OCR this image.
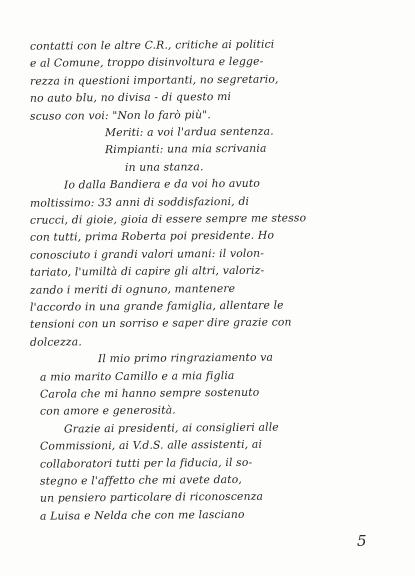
contatti con le altre C.R., critiche ai politici
e al Comune, troppo disinvoltura e legge-
rezza in questioni importanti, no segretario,
no auto blu, no divisa - di questo mi
scuso con voi: "Non lo farò più".
Meriti: a voi l'ardua sentenza.
Rimpianti: una mia scrivania
in una stanza.
Io dalla Bandiera e da voi ho avuto
moltissimo: 33 anni di soddisfazioni, di
crucci, di gioie, gioia di essere sempre me stesso
con tutti, prima Roberta poi presidente. Ho
conosciuto i grandi valori umani: il volon-
tariato, l'umiltà di capire gli altri, valoriz-
zando i meriti di ognuno, mantenere
l'accordo in una grande famiglia, allentare le
tensioni con un sorriso e saper dire grazie con
dolcezza.
Il mio primo ringraziamento va
a mio marito Camillo e a mia figlia
Carola che mi hanno sempre sostenuto
con amore e generosità.
Grazie ai presidenti, ai consiglieri alle
Commissioni, ai V.d.S. alle assistenti, ai
collaboratori tutti per la fiducia, il so-
stegno e l'affetto che mi avete dato,
un pensiero particolare di riconoscenza
a Luisa e Nelda che con me lasciano
5
